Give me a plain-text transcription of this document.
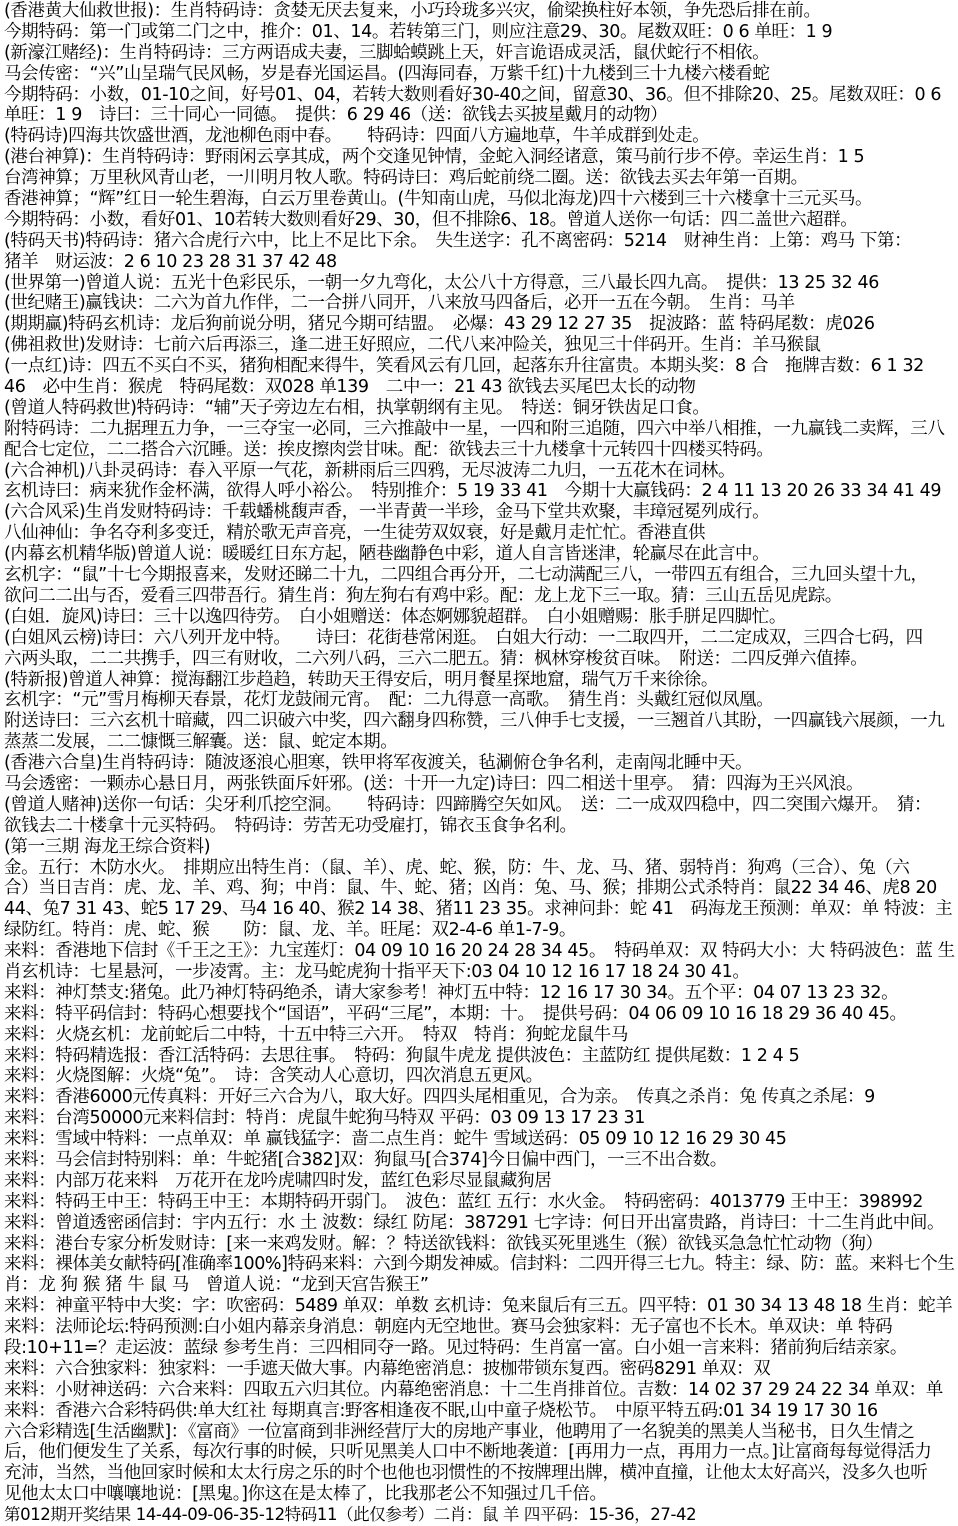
(香港黄大仙救世报)：生肖特码诗：贪婪无厌去复来，小巧玲珑多兴灾，偷梁换柱好本领，争先恐后排在前。
今期特码：第一门或第二门之中，推介：01、14。若转第三门，则应注意29、30。尾数双旺：0 6 单旺：1 9
(新濠江赌经)：生肖特码诗：三方两语成夫妻，三脚蛤蟆跳上天，奸言诡语成灵活，鼠伏蛇行不相依。
马会传密：“兴”山呈瑞气民风畅，岁是春光国运昌。(四海同春，万紫千红)十九楼到三十九楼六楼看蛇
今期特码：小数，01-10之间，好号01、04，若转大数则看好30-40之间，留意30、36。但不排除20、25。尾数双旺：0 6
单旺：1 9　诗曰：三十同心一同德。　提供：6 29 46（送：欲钱去买披星戴月的动物）
(特码诗)四海共饮盛世酒，龙池柳色雨中春。　　特码诗：四面八方遍地草，牛羊成群到处走。
(港台神算)：生肖特码诗：野雨闲云享其成，两个交逢见钟情，金蛇入洞经诸意，策马前行步不停。幸运生肖：1 5
台湾神算；万里秋风青山老，一川明月牧人歌。特码诗曰：鸡后蛇前绕二圈。送：欲钱去买去年第一百期。
香港神算；“辉”红日一轮生碧海，白云万里卷黄山。(牛知南山虎，马似北海龙)四十六楼到三十六楼拿十三元买马。
今期特码：小数，看好01、10若转大数则看好29、30，但不排除6、18。曾道人送你一句话：四二盖世六超群。
(特码天书)特码诗：猪六合虎行六中，比上不足比下余。　失生送字：孔不离密码：5214　财神生肖：上第：鸡马 下第：
猪羊　财运波：2 6 10 23 28 31 37 42 48
(世界第一)曾道人说：五光十色彩民乐，一朝一夕九弯化，太公八十方得意，三八最长四九高。　提供：13 25 32 46
(世纪赌王)赢钱诀：二六为首九作伴，二一合拼八同开，八来放马四备后，必开一五在今朝。　生肖：马羊
(期期赢)特码玄机诗：龙后狗前说分明，猪兄今期可结盟。　必爆：43 29 12 27 35　捉波路：蓝 特码尾数：虎026
(佛祖救世)发财诗：七前六后再添三，逢二进王好照应，二代八来冲险关，独见三十伴码开。生肖：羊马猴鼠
(一点红)诗：四五不买白不买，猪狗相配来得牛，笑看风云有几回，起落东升往富贵。本期头奖：8 合　拖牌吉数：6 1 32
46　必中生肖：猴虎　特码尾数：双028 单139　二中一：21 43 欲钱去买尾巴太长的动物
(曾道人特码救世)特码诗：“辅”天子旁边左右相，执掌朝纲有主见。　特送：铜牙铁齿足口食。
附特码诗：二九据理五力争，一三夺宝一必同，三六推敲中一星，一四和附三追随，四六中举八相推，一九赢钱二卖辉，三八
配合七定位，二二搭合六沉睡。送：挨皮擦肉尝甘味。配：欲钱去三十九楼拿十元转四十四楼买特码。
(六合神机)八卦灵码诗：春入平原一气花，新耕雨后三四鸦，无尽波涛二九归，一五花木在词林。
玄机诗曰：病来犹作金杯满，欲得人呼小裕公。　特别推介：5 19 33 41　今期十大赢钱码：2 4 11 13 20 26 33 34 41 49
(六合风采)生肖发财特码诗：千载蟠桃馥声香，一半青黄一半珍，金马下堂共欢聚，丰璋冠冕列成行。
八仙神仙：争名夺利多变迁，精於歌无声音亮，一生徒劳双奴衰，好是戴月走忙忙。香港直供
(内幕玄机精华版)曾道人说：暖暖红日东方起，陋巷幽静色中彩，道人自言皆迷津，轮赢尽在此言中。
玄机字：“鼠”十七今期报喜来，发财还睇二十九，二四组合再分开，二七动满配三八，一带四五有组合，三九回头望十九，
欲问二二出与否，爱看三四带吾行。猜生肖：狗左狗右有鸡中彩。配：龙上龙下三一取。猜：三山五岳见虎踪。
(白姐．旋风)诗曰：三十以逸四待劳。　白小姐赠送：体态婀娜貌超群。　白小姐赠赐：胀手胼足四脚忙。
(白姐风云榜)诗曰：六八列开龙中特。　　诗曰：花街巷常闲逛。　白姐大行动：一二取四开，二二定成双，三四合七码，四
六两头取，二二共携手，四三有财收，二六列八码，三六二肥五。猜：枫林穿梭贫百味。　附送：二四反弹六值捧。
(特新报)曾道人神算：搅海翻江步趋趋，转助天王得安后，明月餐星探地窟，瑞气万千来徐徐。
玄机字：“元”雪月梅柳天春景，花灯龙鼓闹元宵。　配：二九得意一高歌。　猜生肖：头戴红冠似凤凰。
附送诗曰：三六玄机十暗藏，四二识破六中奖，四六翻身四称赞，三八伸手七支援，一三翘首八其盼，一四赢钱六展颜，一九
蒸蒸二发展，二二慷慨三解囊。送：鼠、蛇定本期。
(香港六合皇)生肖特码诗：随波逐浪心胆寒，铁甲将军夜渡关，毡涮俯仓争名利，走南闯北睡中天。
马会透密：一颗赤心悬日月，两张铁面斥奸邪。(送：十开一九定)诗曰：四二相送十里亭。　猜：四海为王兴风浪。
(曾道人赌神)送你一句话：尖牙利爪挖空洞。　　特码诗：四蹄腾空矢如风。　送：二一成双四稳中，四二突围六爆开。　猜：
欲钱去二十楼拿十元买特码。　特码诗：劳苦无功受雇打，锦衣玉食争名利。
(第一三期 海龙王综合资料)
金。五行：木防水火。　排期应出特生肖：（鼠、羊）、虎、蛇、猴，防：牛、龙、马、猪、弱特肖：狗鸡（三合）、兔（六
合）当日吉肖：虎、龙、羊、鸡、狗；中肖：鼠、牛、蛇、猪；凶肖：兔、马、猴；排期公式杀特肖：鼠22 34 46、虎8 20
44、兔7 31 43、蛇5 17 29、马4 16 40、猴2 14 38、猪11 23 35。求神问卦：蛇 41　码海龙王预测：单双：单 特波：主
绿防红。特肖：虎、蛇、猴　　防：鼠、龙、羊。旺尾：双2-4-6 单1-7-9。
来料：香港地下信封《千王之王》：九宝莲灯：04 09 10 16 20 24 28 34 45。　特码单双：双 特码大小：大 特码波色：蓝 生
肖玄机诗：七星悬河，一步凌霄。主：龙马蛇虎狗十指平天下:03 04 10 12 16 17 18 24 30 41。
来料：神灯禁支:猪兔。此乃神灯特码绝杀，请大家参考！神灯五中特：12 16 17 30 34。五个平：04 07 13 23 32。
来料：特平码信封：特码心想要找个“国语”，平码“三尾”，本期：十。　提供号码：04 06 09 10 16 18 29 36 40 45。
来料：火烧玄机：龙前蛇后二中特，十五中特三六开。　特双　特肖：狗蛇龙鼠牛马
来料：特码精选报：香江活特码：去思往事。　特码：狗鼠牛虎龙 提供波色：主蓝防红 提供尾数：1 2 4 5
来料：火烧图解：火烧“兔”。　诗：含笑动人心意切，四次消息五更风。
来料：香港6000元传真料：开好三六合为八，取大好。四四头尾相重见，合为亲。　传真之杀肖：兔 传真之杀尾：9
来料：台湾50000元来料信封：特肖：虎鼠牛蛇狗马特双 平码：03 09 13 17 23 31
来料：雪域中特料：一点单双：单 赢钱猛字：啬二点生肖：蛇牛 雪域送码：05 09 10 12 16 29 30 45
来料：马会信封特别料：单：牛蛇猪[合382]双：狗鼠马[合374]今日偏中西门，一三不出合数。
来料：内部万花来料　万花开在龙吟虎啸四时发，蓝红色彩尽显鼠藏狗居
来料：特码王中王：特码王中王：本期特码开弱门。　波色：蓝红 五行：水火金。　特码密码：4013779 王中王：398992
来料：曾道透密函信封：宇内五行：水 土 波数：绿红 防尾：387291 七字诗：何日开出富贵路，肖诗曰：十二生肖此中间。
来料：港台专家分析发财诗：[来一来鸡发财。解：？特送欲钱料：欲钱买死里逃生（猴）欲钱买急急忙忙动物（狗）
来料：裸体美女献特码[准确率100%]特码来料：六到今期发神威。信封料：二四开得三七九。特主：绿、防：蓝。来料七个生
肖：龙 狗 猴 猪 牛 鼠 马　曾道人说：“龙到天宫告猴王”
来料：神童平特中大奖：字：吹密码：5489 单双：单数 玄机诗：兔来鼠后有三五。四平特：01 30 34 13 48 18 生肖：蛇羊
来料：法师论坛:特码预测:白小姐内幕亲身消息：朝庭内无空地世。赛马会独家料：无子富也不长木。单双诀：单 特码
段:10+11=？走运波：蓝绿 参考生肖：三四相同夺一路。见过特码：生肖富一富。白小姐一言来料：猪前狗后结亲家。
来料：六合独家料：独家料：一手遮天做大事。内幕绝密消息：披枷带锁东复西。密码8291 单双：双
来料：小财神送码：六合来料：四取五六归其位。内幕绝密消息：十二生肖排首位。吉数：14 02 37 29 24 22 34 单双：单
来料：香港六合彩特码供:单大红社 每期真言:野客相逢夜不眠,山中童子烧松节。　中原平特五码:01 34 19 17 30 16
六合彩精选[生活幽默]：《富商》一位富商到非洲经营厅大的房地产事业，他聘用了一名貌美的黑美人当秘书，日久生情之
后，他们便发生了关系，每次行事的时候，只听见黑美人口中不断地袭道：[再用力一点，再用力一点。]让富商每每觉得活力
充沛，当然，当他回家时候和太太行房之乐的时个也他也羽惯性的不按牌理出牌，横冲直撞，让他太太好高兴，没多久也听
见他太太口中嚷嚷地说：[黑鬼。]你这在是太棒了，比我那老公不知强过几千倍。
第012期开奖结果 14-44-09-06-35-12特码11（此仅参考）二肖：鼠 羊 四平码：15-36，27-42
